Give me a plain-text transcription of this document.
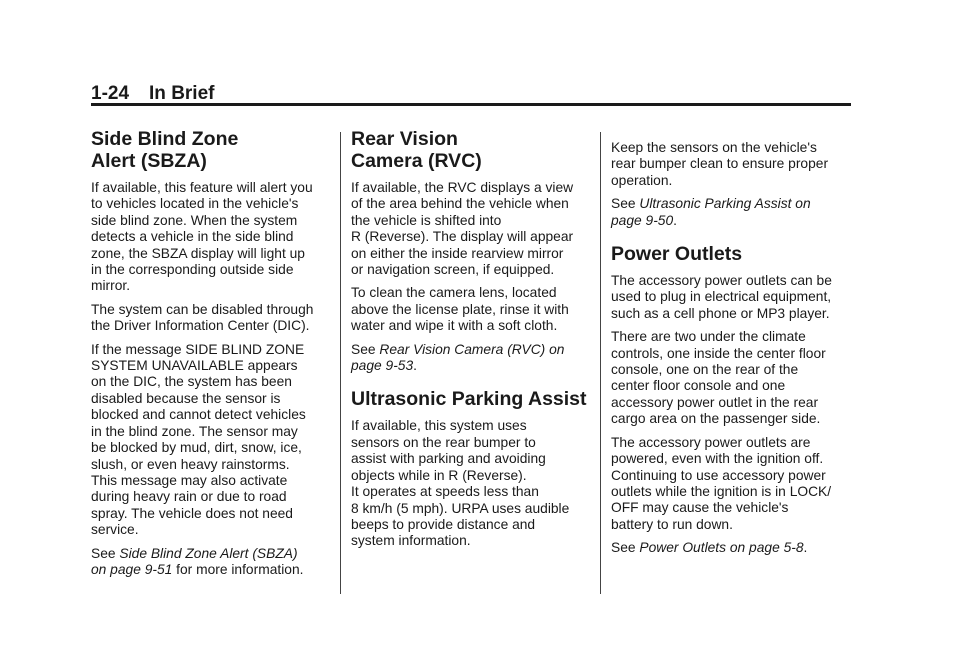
1-24 In Brief
Side Blind Zone
Alert (SBZA)

If available, this feature will alert you
to vehicles located in the vehicle's
side blind zone. When the system
detects a vehicle in the side blind
zone, the SBZA display will light up
in the corresponding outside side
mirror.

The system can be disabled through
the Driver Information Center (DIC).

If the message SIDE BLIND ZONE
SYSTEM UNAVAILABLE appears
on the DIC, the system has been
disabled because the sensor is
blocked and cannot detect vehicles
in the blind zone. The sensor may
be blocked by mud, dirt, snow, ice,
slush, or even heavy rainstorms.
This message may also activate
during heavy rain or due to road
spray. The vehicle does not need
service.

See Side Blind Zone Alert (SBZA)
on page 9-51 for more information.

Rear Vision
Camera (RVC)

If available, the RVC displays a view
of the area behind the vehicle when
the vehicle is shifted into
R (Reverse). The display will appear
on either the inside rearview mirror
or navigation screen, if equipped.

To clean the camera lens, located
above the license plate, rinse it with
water and wipe it with a soft cloth.

See Rear Vision Camera (RVC) on
page 9-53.

Ultrasonic Parking Assist

If available, this system uses
sensors on the rear bumper to
assist with parking and avoiding
objects while in R (Reverse).
It operates at speeds less than
8 km/h (5 mph). URPA uses audible
beeps to provide distance and
system information.

Keep the sensors on the vehicle's
rear bumper clean to ensure proper
operation.

See Ultrasonic Parking Assist on
page 9-50.

Power Outlets

The accessory power outlets can be
used to plug in electrical equipment,
such as a cell phone or MP3 player.

There are two under the climate
controls, one inside the center floor
console, one on the rear of the
center floor console and one
accessory power outlet in the rear
cargo area on the passenger side.

The accessory power outlets are
powered, even with the ignition off.
Continuing to use accessory power
outlets while the ignition is in LOCK/
OFF may cause the vehicle's
battery to run down.

See Power Outlets on page 5-8.
